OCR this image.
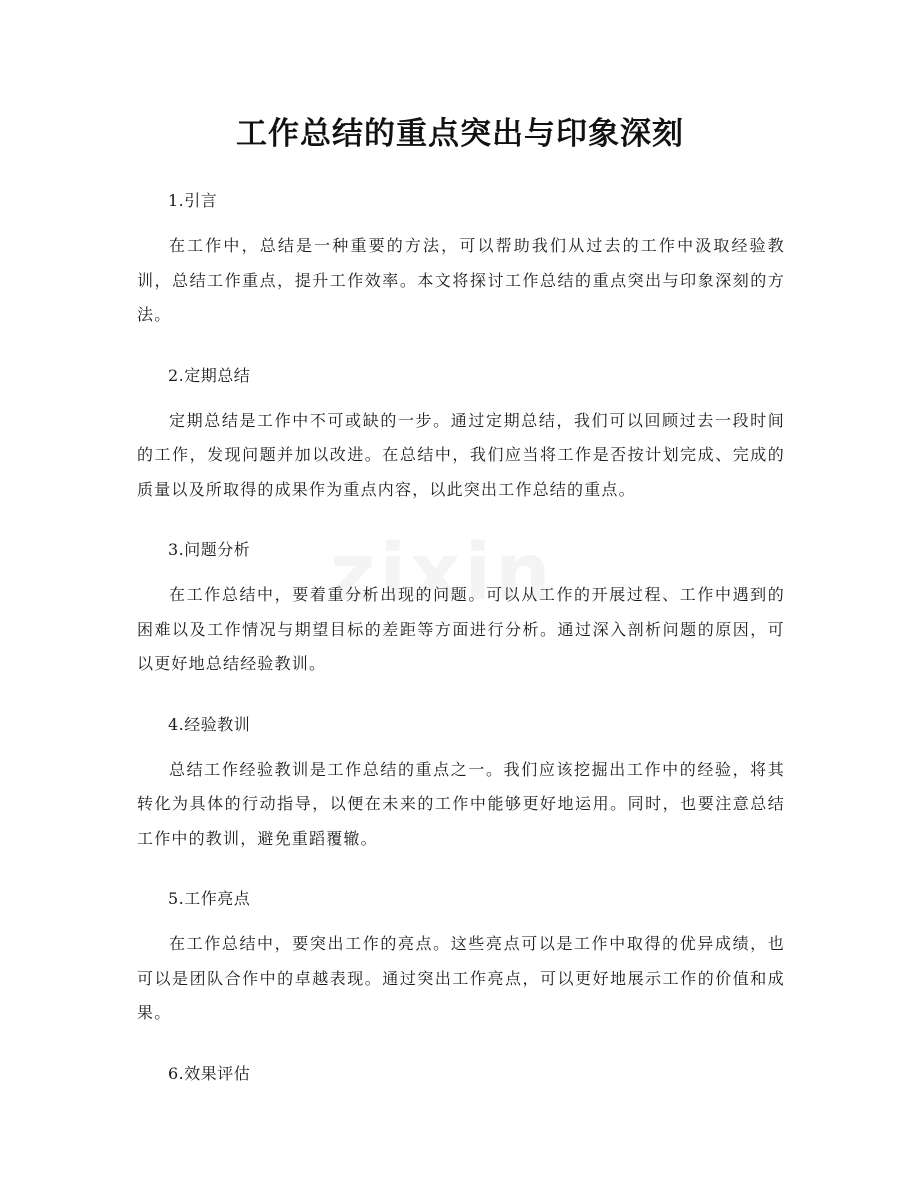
工作总结的重点突出与印象深刻

1.引言

在工作中，总结是一种重要的方法，可以帮助我们从过去的工作中汲取经验教训，总结工作重点，提升工作效率。本文将探讨工作总结的重点突出与印象深刻的方法。

2.定期总结

定期总结是工作中不可或缺的一步。通过定期总结，我们可以回顾过去一段时间的工作，发现问题并加以改进。在总结中，我们应当将工作是否按计划完成、完成的质量以及所取得的成果作为重点内容，以此突出工作总结的重点。

3.问题分析

在工作总结中，要着重分析出现的问题。可以从工作的开展过程、工作中遇到的困难以及工作情况与期望目标的差距等方面进行分析。通过深入剖析问题的原因，可以更好地总结经验教训。

4.经验教训

总结工作经验教训是工作总结的重点之一。我们应该挖掘出工作中的经验，将其转化为具体的行动指导，以便在未来的工作中能够更好地运用。同时，也要注意总结工作中的教训，避免重蹈覆辙。

5.工作亮点

在工作总结中，要突出工作的亮点。这些亮点可以是工作中取得的优异成绩，也可以是团队合作中的卓越表现。通过突出工作亮点，可以更好地展示工作的价值和成果。

6.效果评估
